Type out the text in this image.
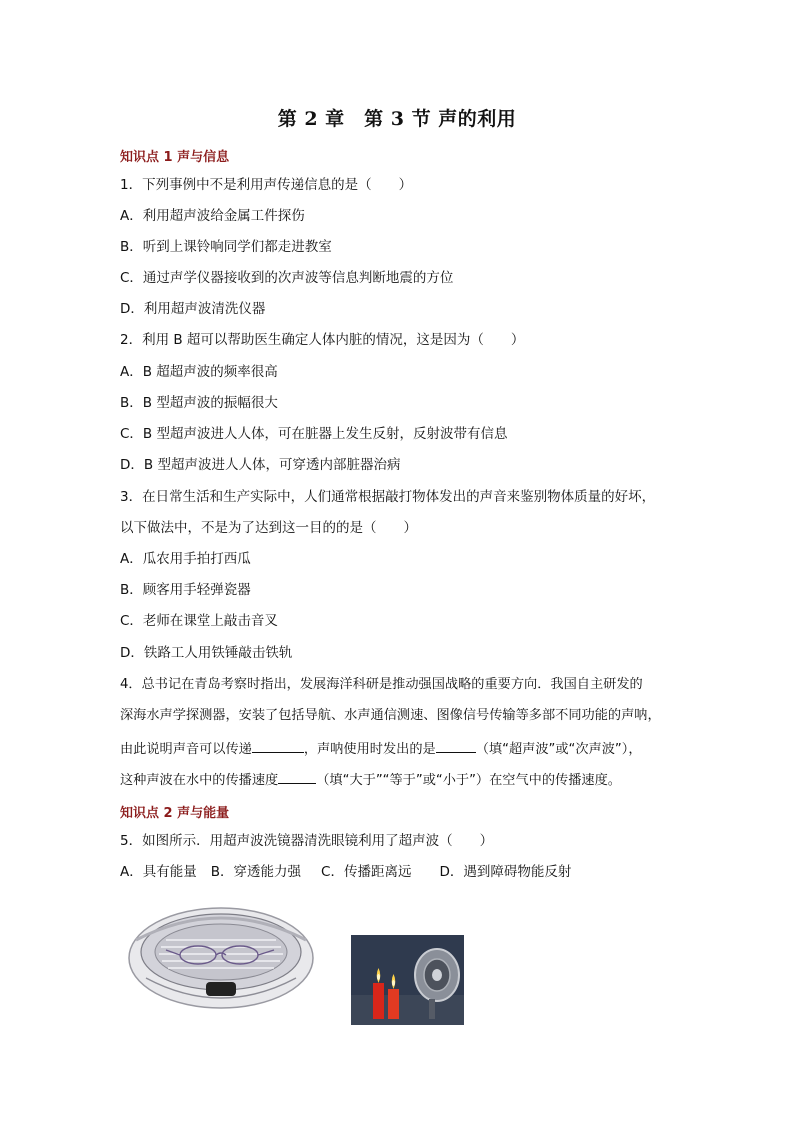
第 2 章　第 3 节 声的利用
知识点 1 声与信息
1．下列事例中不是利用声传递信息的是（　　）
A．利用超声波给金属工件探伤
B．听到上课铃响同学们都走进教室
C．通过声学仪器接收到的次声波等信息判断地震的方位
D．利用超声波清洗仪器
2．利用 B 超可以帮助医生确定人体内脏的情况，这是因为（　　）
A．B 超超声波的频率很高
B．B 型超声波的振幅很大
C．B 型超声波进人人体，可在脏器上发生反射，反射波带有信息
D．B 型超声波进人人体，可穿透内部脏器治病
3．在日常生活和生产实际中，人们通常根据敲打物体发出的声音来鉴别物体质量的好坏，
以下做法中，不是为了达到这一目的的是（　　）
A．瓜农用手拍打西瓜
B．顾客用手轻弹瓷器
C．老师在课堂上敲击音叉
D．铁路工人用铁锤敲击铁轨
4．总书记在青岛考察时指出，发展海洋科研是推动强国战略的重要方向．我国自主研发的
深海水声学探测器，安装了包括导航、水声通信测速、图像信号传输等多部不同功能的声呐，
由此说明声音可以传递	，声呐使用时发出的是	（填“超声波”或“次声波”），
这种声波在水中的传播速度	（填“大于”“等于”或“小于”）在空气中的传播速度。
知识点 2 声与能量
5．如图所示．用超声波洗镜器清洗眼镜利用了超声波（　　）
A．具有能量 B．穿透能力强 C．传播距离远 D．遇到障碍物能反射
